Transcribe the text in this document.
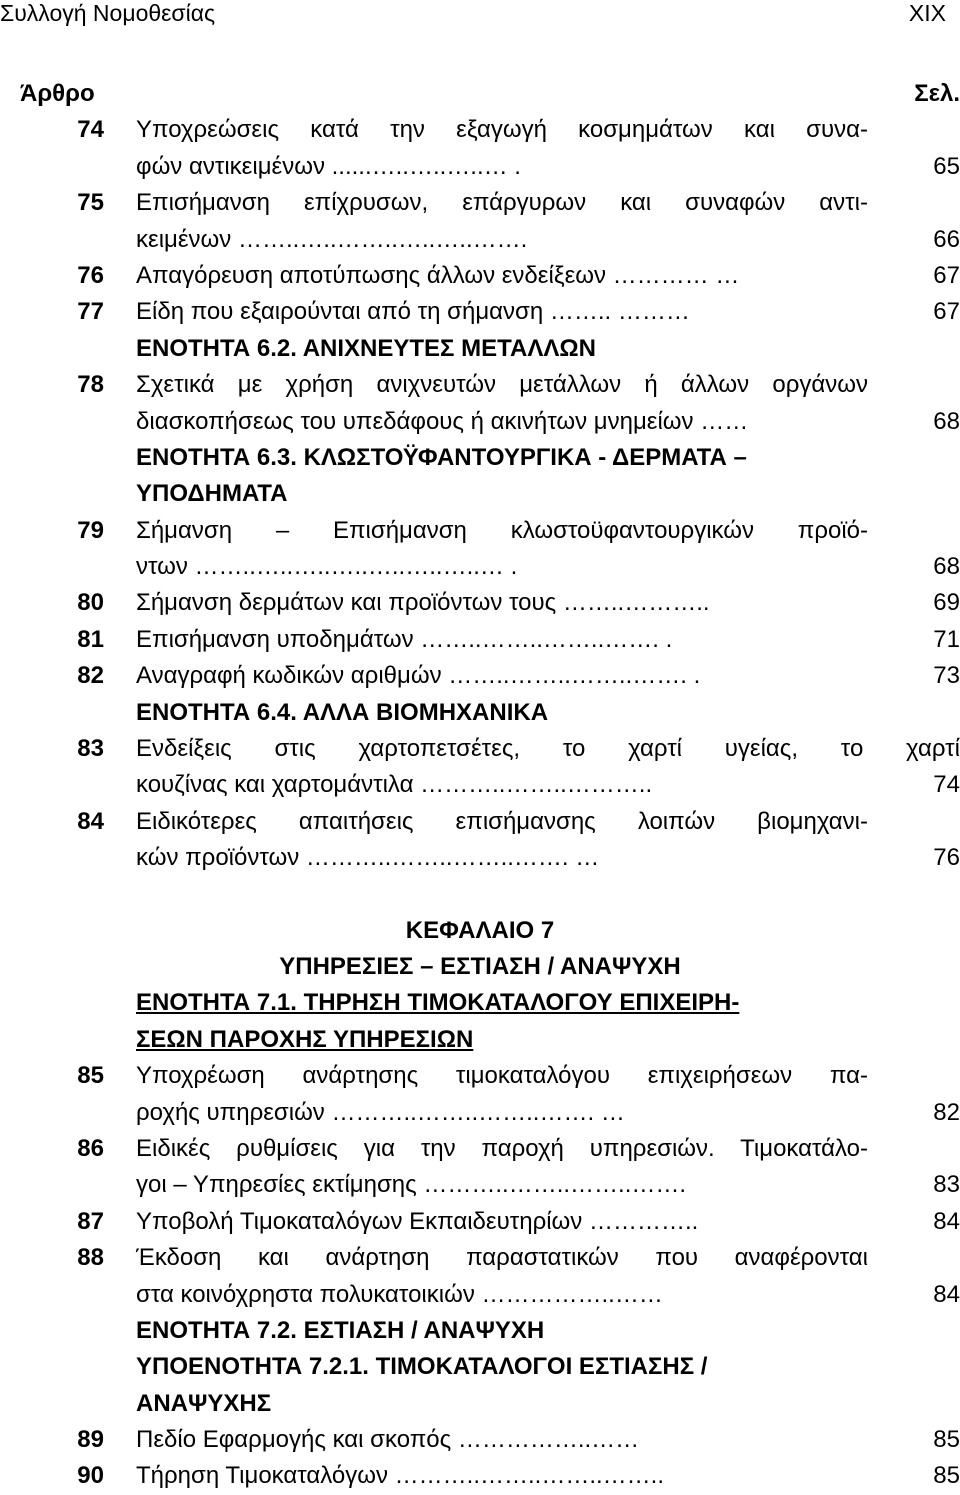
Συλλογή Νομοθεσίας	XIX
Άρθρο	Σελ.
74 Υποχρεώσεις κατά την εξαγωγή κοσμημάτων και συνα-
φών αντικειμένων ......…..…..…..… .	65
75 Επισήμανση επίχρυσων, επάργυρων και συναφών αντι-
κειμένων ……..…..……..…..…..…….	66
76 Απαγόρευση αποτύπωσης άλλων ενδείξεων ………… …	67
77 Είδη που εξαιρούνται από τη σήμανση …….. ………	67
ΕΝΟΤΗΤΑ 6.2. ΑΝΙΧΝΕΥΤΕΣ ΜΕΤΑΛΛΩΝ
78 Σχετικά με χρήση ανιχνευτών μετάλλων ή άλλων οργάνων
διασκοπήσεως του υπεδάφους ή ακινήτων μνημείων ……	68
ΕΝΟΤΗΤΑ 6.3. ΚΛΩΣΤΟΫΦΑΝΤΟΥΡΓΙΚΑ - ΔΕΡΜΑΤΑ –
ΥΠΟΔΗΜΑΤΑ
79 Σήμανση – Επισήμανση κλωστοϋφαντουργικών προϊό-
ντων ……..…..…..…..…..…..…..… .	68
80 Σήμανση δερμάτων και προϊόντων τους ……..………..	69
81 Επισήμανση υποδημάτων ……..……..……..……. .	71
82 Αναγραφή κωδικών αριθμών ……..……..……..……. .	73
ΕΝΟΤΗΤΑ 6.4. ΑΛΛΑ ΒΙΟΜΗΧΑΝΙΚΑ
83 Ενδείξεις στις χαρτοπετσέτες, το χαρτί υγείας, το χαρτί
κουζίνας και χαρτομάντιλα ………..……..………..	74
84 Ειδικότερες απαιτήσεις επισήμανσης λοιπών βιομηχανι-
κών προϊόντων ………..……..……..……. …	76
ΚΕΦΑΛΑΙΟ 7
ΥΠΗΡΕΣΙΕΣ – ΕΣΤΙΑΣΗ / ΑΝΑΨΥΧΗ
ΕΝΟΤΗΤΑ 7.1. ΤΗΡΗΣΗ ΤΙΜΟΚΑΤΑΛΟΓΟΥ ΕΠΙΧΕΙΡΗ-
ΣΕΩΝ ΠΑΡΟΧΗΣ ΥΠΗΡΕΣΙΩΝ
85 Υποχρέωση ανάρτησης τιμοκαταλόγου επιχειρήσεων πα-
ροχής υπηρεσιών ………..……..……..……. …	82
86 Ειδικές ρυθμίσεις για την παροχή υπηρεσιών. Τιμοκατάλο-
γοι – Υπηρεσίες εκτίμησης ………..……..……..…….	83
87 Υποβολή Τιμοκαταλόγων Εκπαιδευτηρίων …………..	84
88 Έκδοση και ανάρτηση παραστατικών που αναφέρονται
στα κοινόχρηστα πολυκατοικιών ……………..……	84
ΕΝΟΤΗΤΑ 7.2. ΕΣΤΙΑΣΗ / ΑΝΑΨΥΧΗ
ΥΠΟΕΝΟΤΗΤΑ 7.2.1. ΤΙΜΟΚΑΤΑΛΟΓΟΙ ΕΣΤΙΑΣΗΣ /
ΑΝΑΨΥΧΗΣ
89 Πεδίο Εφαρμογής και σκοπός ……………..……	85
90 Τήρηση Τιμοκαταλόγων ………..……..……..……..	85
